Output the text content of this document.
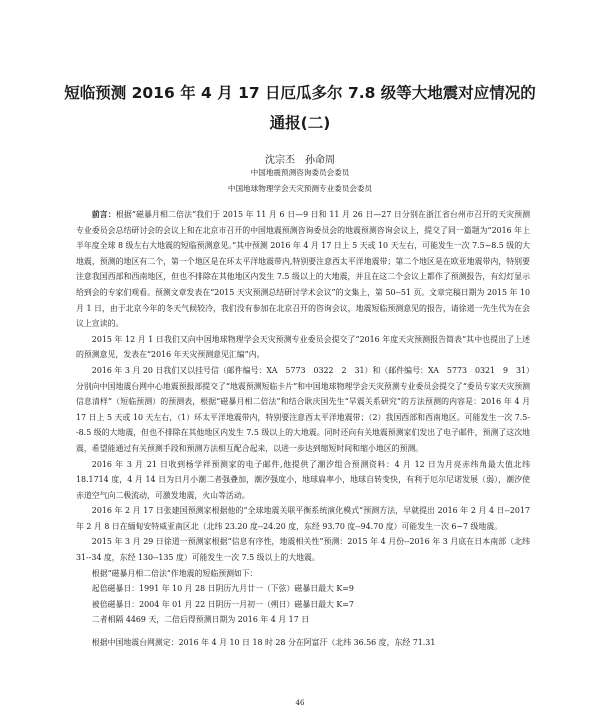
短临预测 2016 年 4 月 17 日厄瓜多尔 7.8 级等大地震对应情况的
通报(二)
沈宗丕　孙命周
中国地震预测咨询委员会委员
中国地球物理学会天灾预测专业委员会委员

前言：根据“磁暴月相二倍法”我们于 2015 年 11 月 6 日—9 日和 11 月 26 日—27 日分别在浙江省台州市召开的天灾预测专业委员会总结研讨会的会议上和在北京市召开的中国地震预测咨询委员会的地震预测咨询会议上，提交了同一篇题为“2016 年上半年度全球 8 级左右大地震的短临预测意见。”其中预测 2016 年 4 月 17 日上 5 天或 10 天左右，可能发生一次 7.5~8.5 级的大地震，预测的地区有二个，第一个地区是在环太平洋地震带内,特别要注意西太平洋地震带；第二个地区是在欧亚地震带内，特别要注意我国西部和西南地区，但也不排除在其他地区内发生 7.5 级以上的大地震，并且在这二个会议上都作了预测报告，有幻灯显示给到会的专家们观看。预测文章发表在“2015 天灾预测总结研讨学术会议”的文集上，第 50--51 页。文章完稿日期为 2015 年 10 月 1 日，由于北京今年的冬天气候较冷，我们没有参加在北京召开的咨询会议，地震短临预测意见的报告，请徐道一先生代为在会议上宣读的。

2015 年 12 月 1 日我们又向中国地球物理学会天灾预测专业委员会提交了“2016 年度天灾预测报告简表”其中也提出了上述的预测意见，发表在“2016 年天灾预测意见汇编”内。

2016 年 3 月 20 日我们又以挂号信（邮件编号：XA　5773　0322　2　31）和（邮件编号：XA　5773　0321　9　31）分别向中国地震台网中心地震预报部提交了“地震预测短临卡片”和中国地球物理学会天灾预测专业委员会提交了“委员专家天灾预测信息清样”（短临预测）的预测表，根据“磁暴月相二倍法”和结合耿庆国先生“旱震关系研究”的方法预测的内容是：2016 年 4 月 17 日上 5 天或 10 天左右，（1）环太平洋地震带内，特别要注意西太平洋地震带；（2）我国西部和西南地区。可能发生一次 7.5--8.5 级的大地震，但也不排除在其他地区内发生 7.5 级以上的大地震。同时还向有关地震预测家们发出了电子邮件，预测了这次地震，希望能通过有关预测手段和预测方法相互配合起来，以进一步达到缩短时间和缩小地区的预测。

2016 年 3 月 21 日收到杨学祥预测家的电子邮件,他提供了潮汐组合预测资料：4 月 12 日为月亮赤纬角最大值北纬 18.1714 度，4 月 14 日为日月小潮二者强叠加，潮汐强度小，地球扁率小，地球自转变快，有利于厄尔尼诺发展（弱），潮汐使赤道空气向二极流动，可激发地震，火山等活动。

2016 年 2 月 17 日张建国预测家根据他的“全球地震关联平衡系统演化模式”预测方法，早就提出 2016 年 2 月 4 日--2017 年 2 月 8 日在缅甸安特威亚南区北（北纬 23.20 度--24.20 度，东经 93.70 度--94.70 度）可能发生一次 6~7 级地震。

2015 年 3 月 29 日徐道一预测家根据“信息有序性，地震相关性”预测：2015 年 4 月份--2016 年 3 月底在日本南部（北纬 31--34 度，东经 130--135 度）可能发生一次 7.5 级以上的大地震。

根据“磁暴月相二倍法”作地震的短临预测如下：

起倍磁暴日：1991 年 10 月 28 日阴历九月廿一（下弦）磁暴日最大 K=9

被倍磁暴日：2004 年 01 月 22 日阴历一月初一（朔日）磁暴日最大 K=7

二者相隔 4469 天，二倍后得预测日期为 2016 年 4 月 17 日

根据中国地震台网测定：2016 年 4 月 10 日 18 时 28 分在阿富汗（北纬 36.56 度，东经 71.31

46
